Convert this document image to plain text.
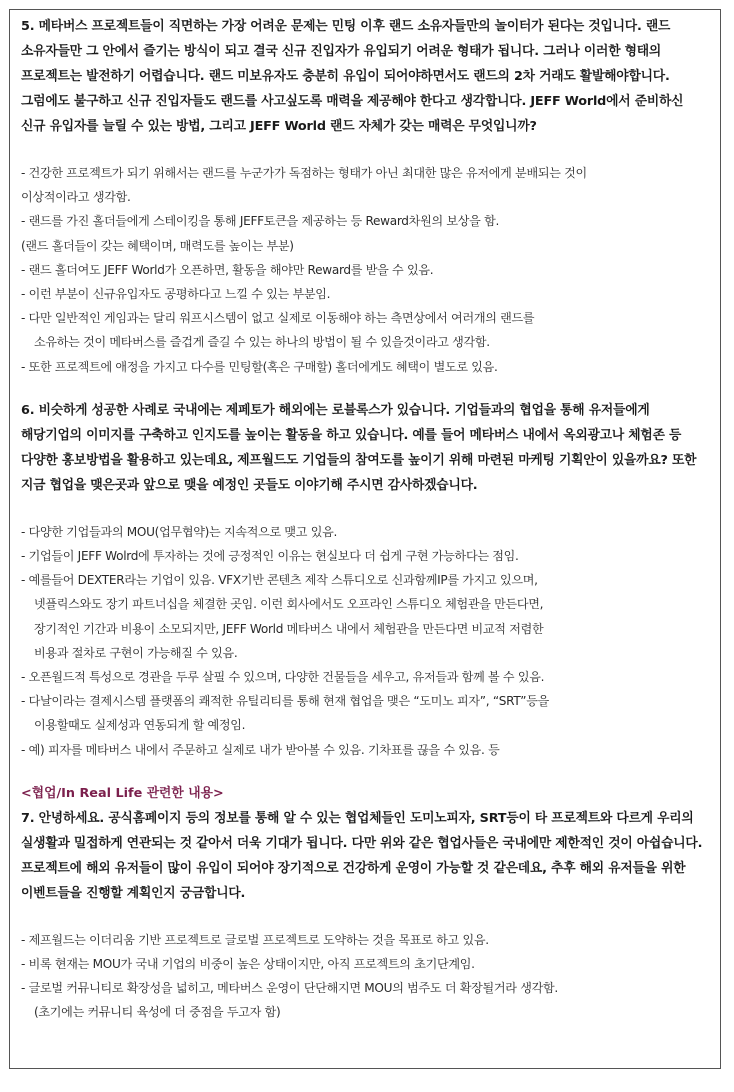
5. 메타버스 프로젝트들이 직면하는 가장 어려운 문제는 민팅 이후 랜드 소유자들만의 놀이터가 된다는 것입니다. 랜드 소유자들만 그 안에서 즐기는 방식이 되고 결국 신규 진입자가 유입되기 어려운 형태가 됩니다. 그러나 이러한 형태의 프로젝트는 발전하기 어렵습니다. 랜드 미보유자도 충분히 유입이 되어야하면서도 랜드의 2차 거래도 활발해야합니다.그럼에도 불구하고 신규 진입자들도 랜드를 사고싶도록 매력을 제공해야 한다고 생각합니다. JEFF World에서 준비하신 신규 유입자를 늘릴 수 있는 방법, 그리고 JEFF World 랜드 자체가 갖는 매력은 무엇입니까?

- 건강한 프로젝트가 되기 위해서는 랜드를 누군가가 독점하는 형태가 아닌 최대한 많은 유저에게 분배되는 것이
이상적이라고 생각함.
- 랜드를 가진 홀더들에게 스테이킹을 통해 JEFF토큰을 제공하는 등 Reward차원의 보상을 함.
(랜드 홀더들이 갖는 혜택이며, 매력도를 높이는 부분)
- 랜드 홀더여도 JEFF World가 오픈하면, 활동을 해야만 Reward를 받을 수 있음.
- 이런 부분이 신규유입자도 공평하다고 느낄 수 있는 부분임.
- 다만 일반적인 게임과는 달리 워프시스템이 없고 실제로 이동해야 하는 측면상에서 여러개의 랜드를
소유하는 것이 메타버스를 즐겁게 즐길 수 있는 하나의 방법이 될 수 있을것이라고 생각함.
- 또한 프로젝트에 애정을 가지고 다수를 민팅할(혹은 구매할) 홀더에게도 혜택이 별도로 있음.

6. 비슷하게 성공한 사례로 국내에는 제페토가 해외에는 로블록스가 있습니다. 기업들과의 협업을 통해 유저들에게 해당기업의 이미지를 구축하고 인지도를 높이는 활동을 하고 있습니다. 예를 들어 메타버스 내에서 옥외광고나 체험존 등 다양한 홍보방법을 활용하고 있는데요, 제프월드도 기업들의 참여도를 높이기 위해 마련된 마케팅 기획안이 있을까요? 또한 지금 협업을 맺은곳과 앞으로 맺을 예정인 곳들도 이야기해 주시면 감사하겠습니다.

- 다양한 기업들과의 MOU(업무협약)는 지속적으로 맺고 있음.
- 기업들이 JEFF Wolrd에 투자하는 것에 긍정적인 이유는 현실보다 더 쉽게 구현 가능하다는 점임.
- 예를들어 DEXTER라는 기업이 있음. VFX기반 콘텐츠 제작 스튜디오로 신과함께IP를 가지고 있으며,
넷플릭스와도 장기 파트너십을 체결한 곳임. 이런 회사에서도 오프라인 스튜디오 체험관을 만든다면,
장기적인 기간과 비용이 소모되지만, JEFF World 메타버스 내에서 체험관을 만든다면 비교적 저렴한
비용과 절차로 구현이 가능해질 수 있음.
- 오픈월드적 특성으로 경관을 두루 살필 수 있으며, 다양한 건물들을 세우고, 유저들과 함께 볼 수 있음.
- 다날이라는 결제시스템 플랫폼의 쾌적한 유틸리티를 통해 현재 협업을 맺은 “도미노 피자”, “SRT”등을
이용할때도 실제성과 연동되게 할 예정임.
- 예) 피자를 메타버스 내에서 주문하고 실제로 내가 받아볼 수 있음. 기차표를 끊을 수 있음. 등

<협업/In Real Life 관련한 내용>

7. 안녕하세요. 공식홈페이지 등의 정보를 통해 알 수 있는 협업체들인 도미노피자, SRT등이 타 프로젝트와 다르게 우리의 실생활과 밀접하게 연관되는 것 같아서 더욱 기대가 됩니다. 다만 위와 같은 협업사들은 국내에만 제한적인 것이 아쉽습니다. 프로젝트에 해외 유저들이 많이 유입이 되어야 장기적으로 건강하게 운영이 가능할 것 같은데요, 추후 해외 유저들을 위한 이벤트들을 진행할 계획인지 궁금합니다.

- 제프월드는 이더리움 기반 프로젝트로 글로벌 프로젝트로 도약하는 것을 목표로 하고 있음.
- 비록 현재는 MOU가 국내 기업의 비중이 높은 상태이지만, 아직 프로젝트의 초기단계임.
- 글로벌 커뮤니티로 확장성을 넓히고, 메타버스 운영이 단단해지면 MOU의 범주도 더 확장될거라 생각함.
(초기에는 커뮤니티 육성에 더 중점을 두고자 함)
